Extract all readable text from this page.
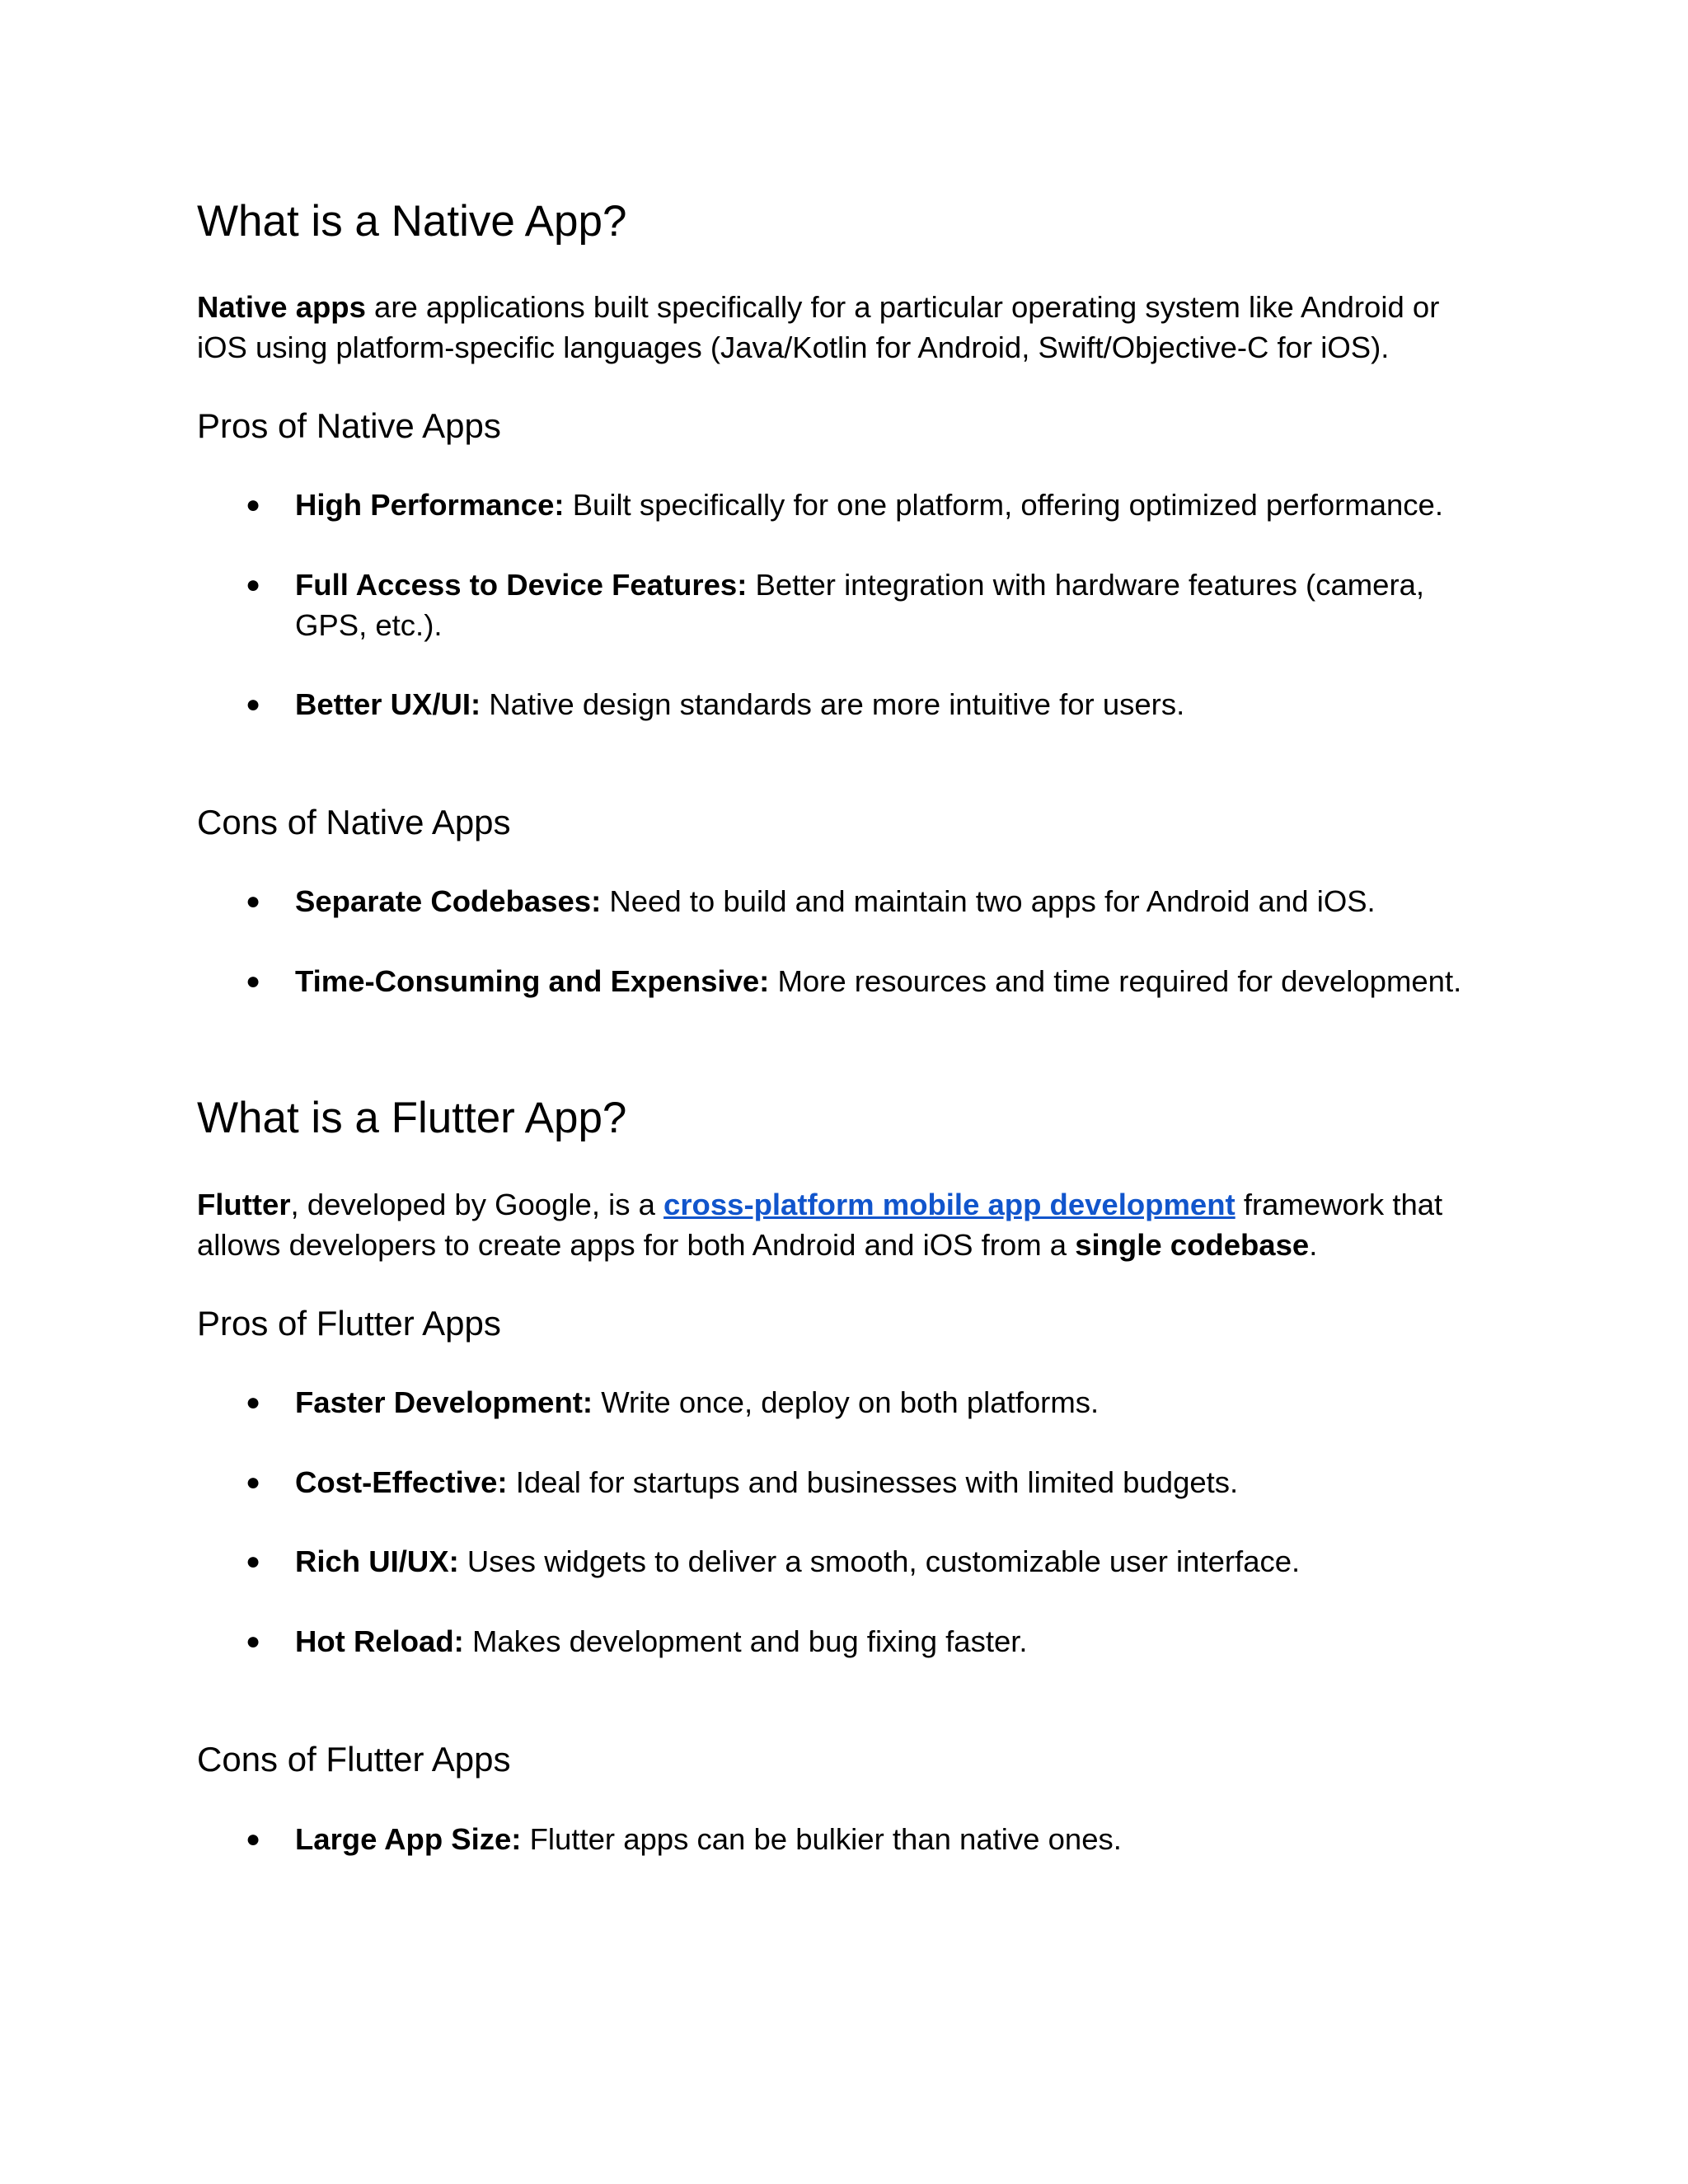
What is a Native App?

Native apps are applications built specifically for a particular operating system like Android or iOS using platform-specific languages (Java/Kotlin for Android, Swift/Objective-C for iOS).

Pros of Native Apps
●	High Performance: Built specifically for one platform, offering optimized performance.
●	Full Access to Device Features: Better integration with hardware features (camera, GPS, etc.).
●	Better UX/UI: Native design standards are more intuitive for users.
Cons of Native Apps
●	Separate Codebases: Need to build and maintain two apps for Android and iOS.
●	Time-Consuming and Expensive: More resources and time required for development.
What is a Flutter App?

Flutter, developed by Google, is a cross-platform mobile app development framework that allows developers to create apps for both Android and iOS from a single codebase.

Pros of Flutter Apps
●	Faster Development: Write once, deploy on both platforms.
●	Cost-Effective: Ideal for startups and businesses with limited budgets.
●	Rich UI/UX: Uses widgets to deliver a smooth, customizable user interface.
●	Hot Reload: Makes development and bug fixing faster.
Cons of Flutter Apps
●	Large App Size: Flutter apps can be bulkier than native ones.
